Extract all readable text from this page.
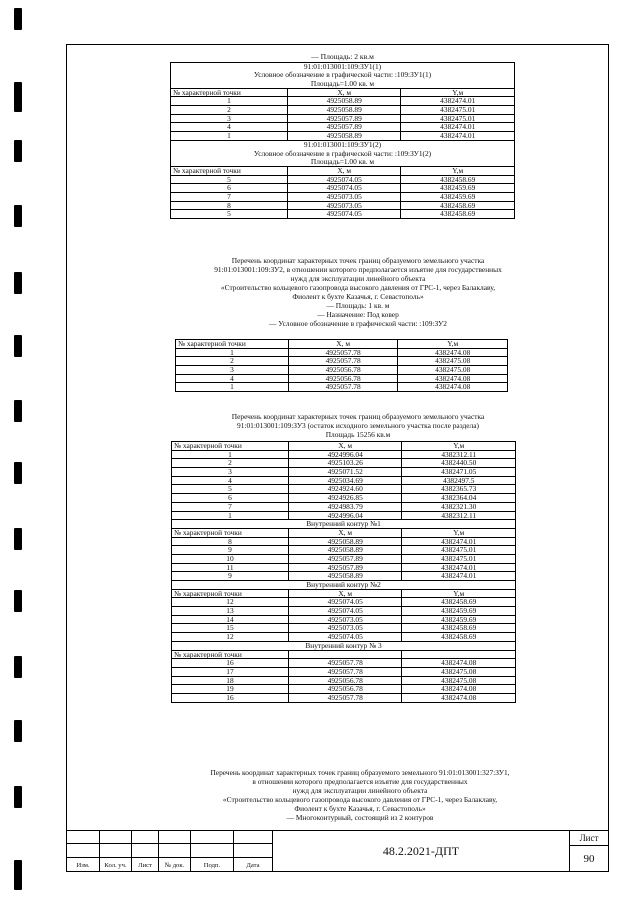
— Площадь: 2 кв.м
91:01:013001:109:ЗУ1(1)		
Условное обозначение в графической части: :109:ЗУ1(1)		
Площадь=1.00 кв. м		
№ характерной точки	Х, м	Y,м
1	4925058.89	4382474.01
2	4925058.89	4382475.01
3	4925057.89	4382475.01
4	4925057.89	4382474.01
1	4925058.89	4382474.01
91:01:013001:109:ЗУ1(2)		
Условное обозначение в графической части: :109:ЗУ1(2)		
Площадь=1.00 кв. м		
№ характерной точки	Х, м	Y,м
5	4925074.05	4382458.69
6	4925074.05	4382459.69
7	4925073.05	4382459.69
8	4925073.05	4382458.69
5	4925074.05	4382458.69
Перечень координат характерных точек границ образуемого земельного участка
91:01:013001:109:ЗУ2, в отношении которого предполагается изъятие для государственных
нужд для эксплуатации линейного объекта
«Строительство кольцевого газопровода высокого давления от ГРС-1, через Балаклаву,
Фиолент к бухте Казачья, г. Севастополь»
— Площадь: 1 кв. м
— Назначение: Под ковер
— Условное обозначение в графической части: :109:ЗУ2
№ характерной точки	Х, м	Y,м
1	4925057.78	4382474.08
2	4925057.78	4382475.08
3	4925056.78	4382475.08
4	4925056.78	4382474.08
1	4925057.78	4382474.08
Перечень координат характерных точек границ образуемого земельного участка
91:01:013001:109:ЗУ3 (остаток исходного земельного участка после раздела)
Площадь 15256 кв.м
№ характерной точки	Х, м	Y,м
1	4924996.04	4382312.11
2	4925103.26	4382440.50
3	4925071.52	4382471.05
4	4925034.69	4382497.5
5	4924924.60	4382365.73
6	4924926.85	4382364.04
7	4924983.79	4382321.30
1	4924996.04	4382312.11
Внутренний контур №1		
№ характерной точки	Х, м	Y,м
8	4925058.89	4382474.01
9	4925058.89	4382475.01
10	4925057.89	4382475.01
11	4925057.89	4382474.01
9	4925058.89	4382474.01
Внутренний контур №2		
№ характерной точки	Х, м	Y,м
12	4925074.05	4382458.69
13	4925074.05	4382459.69
14	4925073.05	4382459.69
15	4925073.05	4382458.69
12	4925074.05	4382458.69
Внутренний контур № 3		
№ характерной точки		
16	4925057.78	4382474.08
17	4925057.78	4382475.08
18	4925056.78	4382475.08
19	4925056.78	4382474.08
16	4925057.78	4382474.08
Перечень координат характерных точек границ образуемого земельного 91:01:013001:327:ЗУ1,
в отношении которого предполагается изъятие для государственных
нужд для эксплуатации линейного объекта
«Строительство кольцевого газопровода высокого давления от ГРС-1, через Балаклаву,
Фиолент к бухте Казачья, г. Севастополь»
— Многоконтурный, состоящий из 2 контуров
Изм.	Кол. уч.	Лист	№ док.	Подп.	Дата
48.2.2021-ДПТ
Лист
90
